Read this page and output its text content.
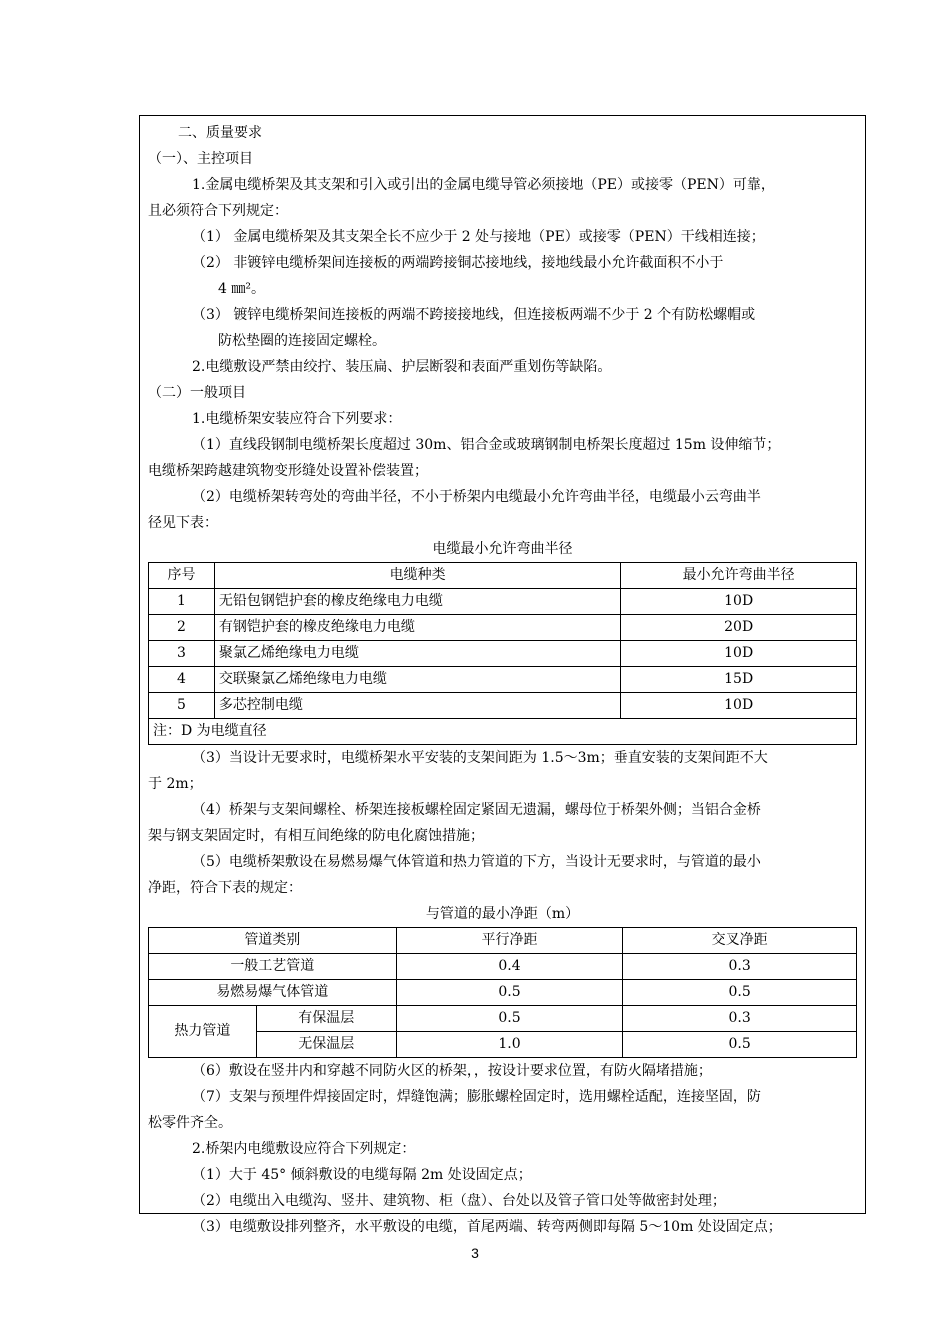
二、质量要求
（一）、主控项目
1.金属电缆桥架及其支架和引入或引出的金属电缆导管必须接地（PE）或接零（PEN）可靠，
且必须符合下列规定：
（1） 金属电缆桥架及其支架全长不应少于 2 处与接地（PE）或接零（PEN）干线相连接；
（2） 非镀锌电缆桥架间连接板的两端跨接铜芯接地线，接地线最小允许截面积不小于
4 ㎜²。
（3） 镀锌电缆桥架间连接板的两端不跨接接地线，但连接板两端不少于 2 个有防松螺帽或
防松垫圈的连接固定螺栓。
2.电缆敷设严禁由绞拧、装压扁、护层断裂和表面严重划伤等缺陷。
（二）一般项目
1.电缆桥架安装应符合下列要求：
（1）直线段钢制电缆桥架长度超过 30m、铝合金或玻璃钢制电桥架长度超过 15m 设伸缩节；
电缆桥架跨越建筑物变形缝处设置补偿装置；
（2）电缆桥架转弯处的弯曲半径，不小于桥架内电缆最小允许弯曲半径，电缆最小云弯曲半
径见下表：
电缆最小允许弯曲半径
序号	电缆种类	最小允许弯曲半径
1	无铅包钢铠护套的橡皮绝缘电力电缆	10D
2	有钢铠护套的橡皮绝缘电力电缆	20D
3	聚氯乙烯绝缘电力电缆	10D
4	交联聚氯乙烯绝缘电力电缆	15D
5	多芯控制电缆	10D
注：D 为电缆直径		
（3）当设计无要求时，电缆桥架水平安装的支架间距为 1.5～3m；垂直安装的支架间距不大
于 2m；
（4）桥架与支架间螺栓、桥架连接板螺栓固定紧固无遗漏，螺母位于桥架外侧；当铝合金桥
架与钢支架固定时，有相互间绝缘的防电化腐蚀措施；
（5）电缆桥架敷设在易燃易爆气体管道和热力管道的下方，当设计无要求时，与管道的最小
净距，符合下表的规定：
与管道的最小净距（m）
管道类别		平行净距	交叉净距
一般工艺管道		0.4	0.3
易燃易爆气体管道		0.5	0.5
热力管道	有保温层	0.5	0.3
	无保温层	1.0	0.5
（6）敷设在竖井内和穿越不同防火区的桥架，，按设计要求位置，有防火隔堵措施；
（7）支架与预埋件焊接固定时，焊缝饱满；膨胀螺栓固定时，选用螺栓适配，连接坚固，防
松零件齐全。
2.桥架内电缆敷设应符合下列规定：
（1）大于 45° 倾斜敷设的电缆每隔 2m 处设固定点；
（2）电缆出入电缆沟、竖井、建筑物、柜（盘）、台处以及管子管口处等做密封处理；
（3）电缆敷设排列整齐，水平敷设的电缆，首尾两端、转弯两侧即每隔 5～10m 处设固定点；
3
